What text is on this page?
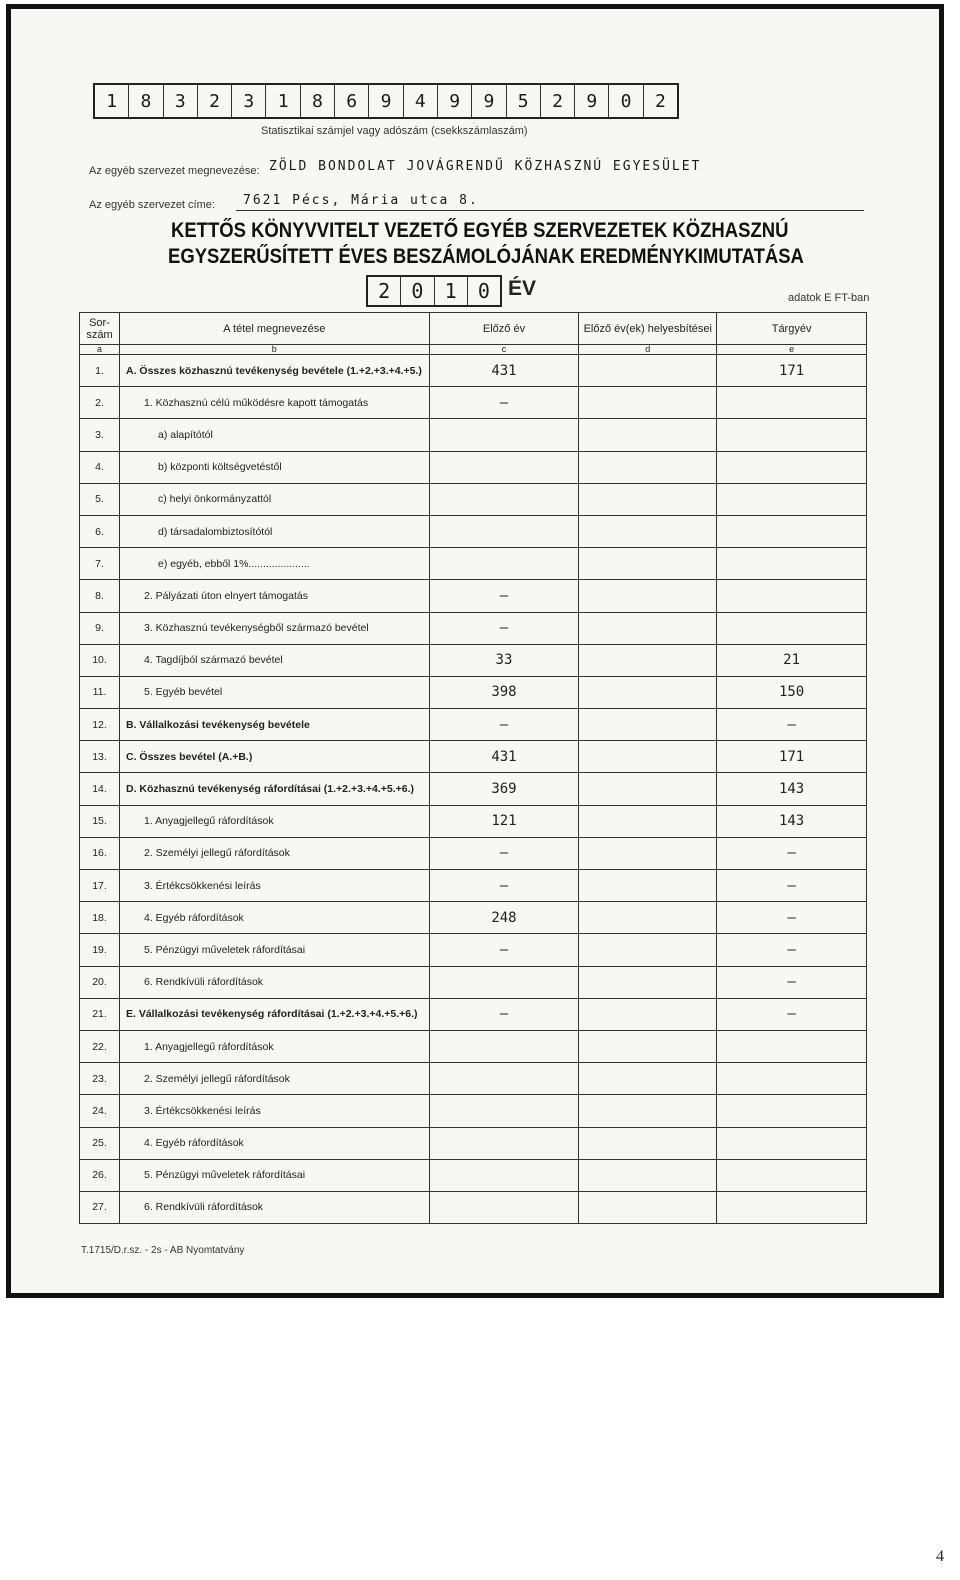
1	8	3	2	3	1	8	6	9	4	9	9	5	2	9	0	2
Statisztikai számjel vagy adószám (csekkszámlaszám)
Az egyéb szervezet megnevezése: ZÖLD BONDOLAT JOVÁGRENDŰ KÖZHASZNÚ EGYESÜLET
Az egyéb szervezet címe: 7621 Pécs, Mária utca 8.
KETTŐS KÖNYVVITELT VEZETŐ EGYÉB SZERVEZETEK KÖZHASZNÚ
EGYSZERŰSÍTETT ÉVES BESZÁMOLÓJÁNAK EREDMÉNYKIMUTATÁSA
2	0	1	0 ÉV	adatok E FT-ban
Sor- szám	A tétel megnevezése	Előző év	Előző év(ek) helyesbítései	Tárgyév
a	b	c	d	e
1.	A. Összes közhasznú tevékenység bevétele (1.+2.+3.+4.+5.)	431		171
2.	1. Közhasznú célú működésre kapott támogatás	—		
3.	a) alapítótól			
4.	b) központi költségvetéstől			
5.	c) helyi önkormányzattól			
6.	d) társadalombiztosítótól			
7.	e) egyéb, ebből 1%.....................			
8.	2. Pályázati úton elnyert támogatás	—		
9.	3. Közhasznú tevékenységből származó bevétel	—		
10.	4. Tagdíjból származó bevétel	33		21
11.	5. Egyéb bevétel	398		150
12.	B. Vállalkozási tevékenység bevétele	—		—
13.	C. Összes bevétel (A.+B.)	431		171
14.	D. Közhasznú tevékenység ráfordításai (1.+2.+3.+4.+5.+6.)	369		143
15.	1. Anyagjellegű ráfordítások	121		143
16.	2. Személyi jellegű ráfordítások	—		—
17.	3. Értékcsökkenési leírás	—		—
18.	4. Egyéb ráfordítások	248		—
19.	5. Pénzügyi műveletek ráfordításai	—		—
20.	6. Rendkívüli ráfordítások			—
21.	E. Vállalkozási tevékenység ráfordításai (1.+2.+3.+4.+5.+6.)	—		—
22.	1. Anyagjellegű ráfordítások			
23.	2. Személyi jellegű ráfordítások			
24.	3. Értékcsökkenési leírás			
25.	4. Egyéb ráfordítások			
26.	5. Pénzügyi műveletek ráfordításai			
27.	6. Rendkívüli ráfordítások			
T.1715/D.r.sz. - 2s - AB Nyomtatvány
4
